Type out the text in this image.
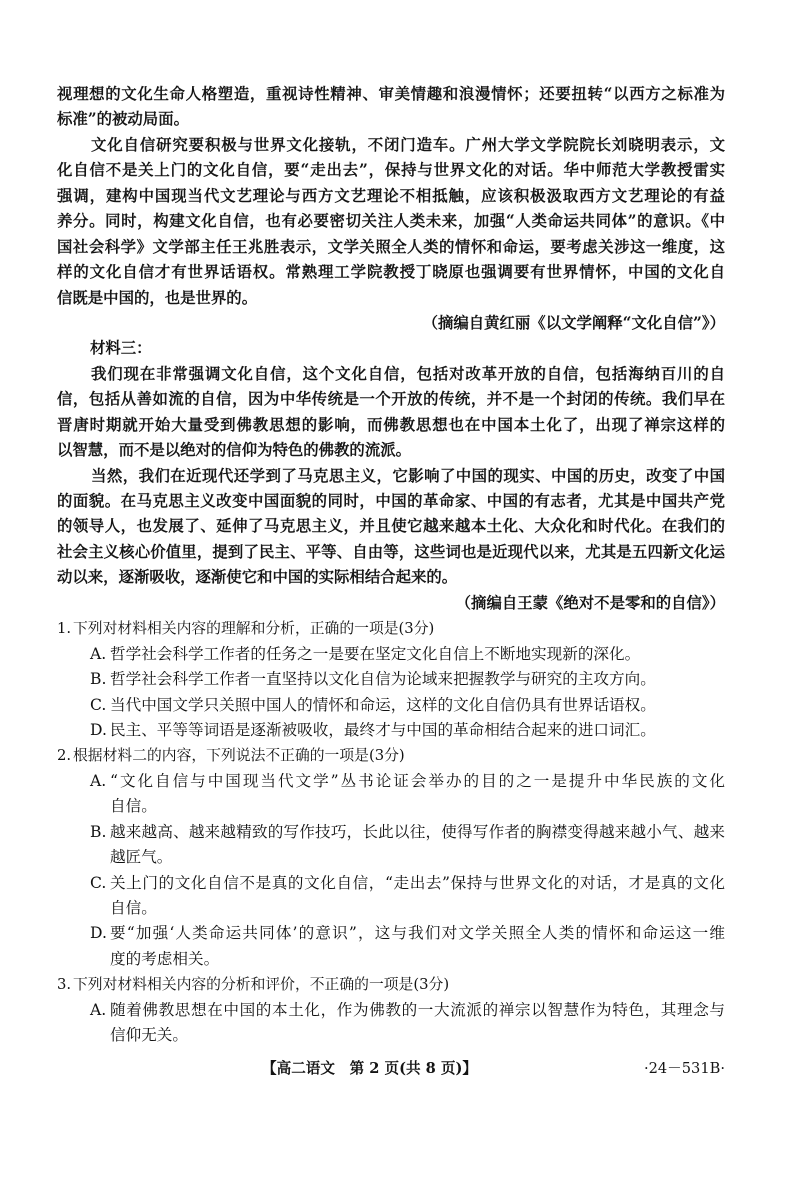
视理想的文化生命人格塑造，重视诗性精神、审美情趣和浪漫情怀；还要扭转“以西方之标准为
标准”的被动局面。
文化自信研究要积极与世界文化接轨，不闭门造车。广州大学文学院院长刘晓明表示，文
化自信不是关上门的文化自信，要“走出去”，保持与世界文化的对话。华中师范大学教授雷实
强调，建构中国现当代文艺理论与西方文艺理论不相抵触，应该积极汲取西方文艺理论的有益
养分。同时，构建文化自信，也有必要密切关注人类未来，加强“人类命运共同体”的意识。《中
国社会科学》文学部主任王兆胜表示，文学关照全人类的情怀和命运，要考虑关涉这一维度，这
样的文化自信才有世界话语权。常熟理工学院教授丁晓原也强调要有世界情怀，中国的文化自
信既是中国的，也是世界的。
（摘编自黄红丽《以文学阐释“文化自信”》）
材料三：
我们现在非常强调文化自信，这个文化自信，包括对改革开放的自信，包括海纳百川的自
信，包括从善如流的自信，因为中华传统是一个开放的传统，并不是一个封闭的传统。我们早在
晋唐时期就开始大量受到佛教思想的影响，而佛教思想也在中国本土化了，出现了禅宗这样的
以智慧，而不是以绝对的信仰为特色的佛教的流派。
当然，我们在近现代还学到了马克思主义，它影响了中国的现实、中国的历史，改变了中国
的面貌。在马克思主义改变中国面貌的同时，中国的革命家、中国的有志者，尤其是中国共产党
的领导人，也发展了、延伸了马克思主义，并且使它越来越本土化、大众化和时代化。在我们的
社会主义核心价值里，提到了民主、平等、自由等，这些词也是近现代以来，尤其是五四新文化运
动以来，逐渐吸收，逐渐使它和中国的实际相结合起来的。
（摘编自王蒙《绝对不是零和的自信》）
1. 下列对材料相关内容的理解和分析，正确的一项是(3分)
A. 哲学社会科学工作者的任务之一是要在坚定文化自信上不断地实现新的深化。
B. 哲学社会科学工作者一直坚持以文化自信为论域来把握教学与研究的主攻方向。
C. 当代中国文学只关照中国人的情怀和命运，这样的文化自信仍具有世界话语权。
D. 民主、平等等词语是逐渐被吸收，最终才与中国的革命相结合起来的进口词汇。
2. 根据材料二的内容，下列说法不正确的一项是(3分)
A. “文化自信与中国现当代文学”丛书论证会举办的目的之一是提升中华民族的文化
自信。
B. 越来越高、越来越精致的写作技巧，长此以往，使得写作者的胸襟变得越来越小气、越来
越匠气。
C. 关上门的文化自信不是真的文化自信，“走出去”保持与世界文化的对话，才是真的文化
自信。
D. 要“加强‘人类命运共同体’的意识”，这与我们对文学关照全人类的情怀和命运这一维
度的考虑相关。
3. 下列对材料相关内容的分析和评价，不正确的一项是(3分)
A. 随着佛教思想在中国的本土化，作为佛教的一大流派的禅宗以智慧作为特色，其理念与
信仰无关。
【高二语文　第 2 页(共 8 页)】	·24－531B·
